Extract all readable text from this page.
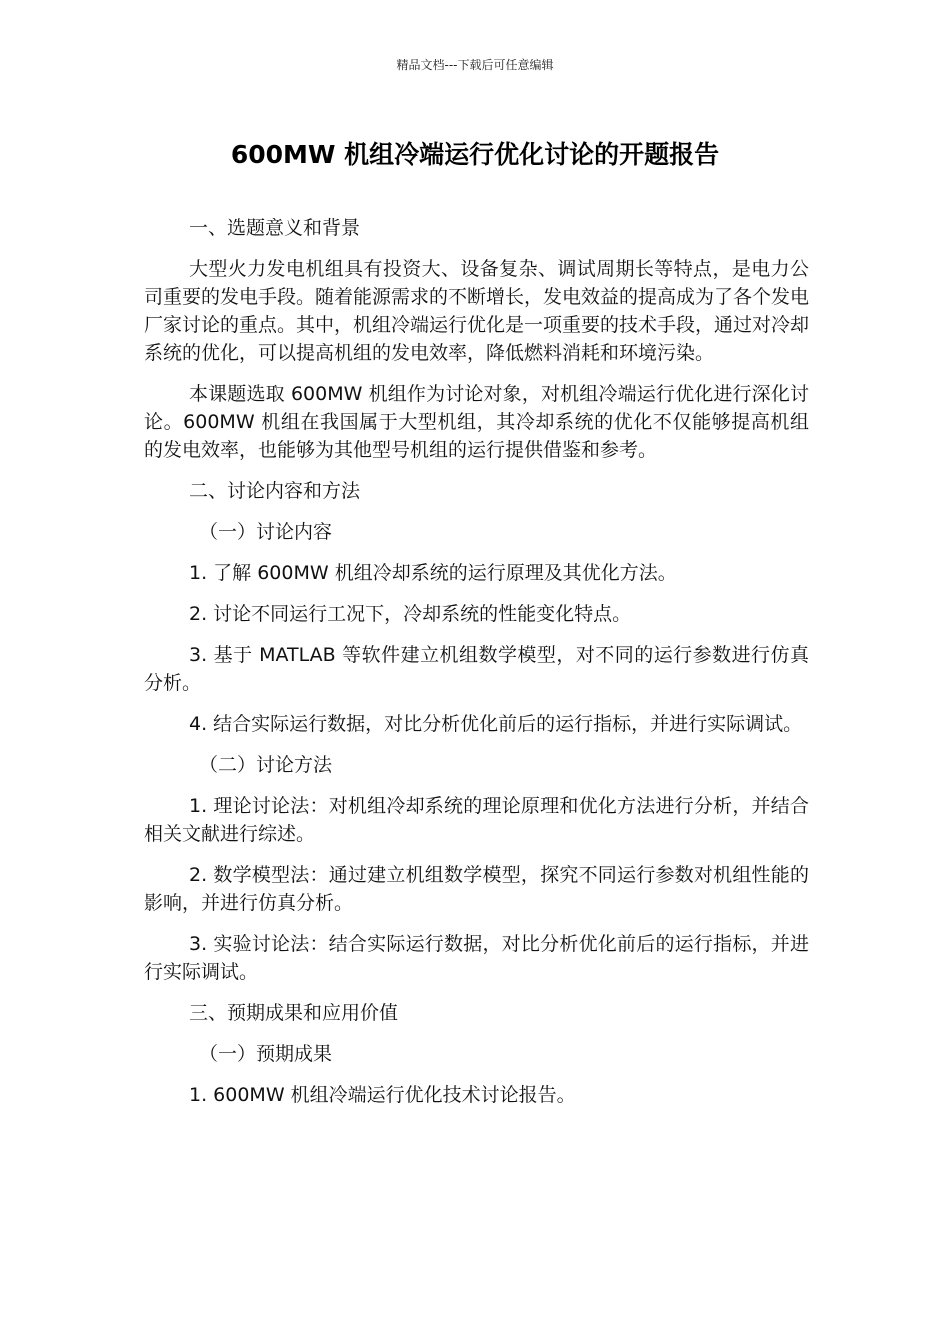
精品文档---下载后可任意编辑
600MW 机组冷端运行优化讨论的开题报告

一、选题意义和背景

大型火力发电机组具有投资大、设备复杂、调试周期长等特点，是电力公司重要的发电手段。随着能源需求的不断增长，发电效益的提高成为了各个发电厂家讨论的重点。其中，机组冷端运行优化是一项重要的技术手段，通过对冷却系统的优化，可以提高机组的发电效率，降低燃料消耗和环境污染。

本课题选取 600MW 机组作为讨论对象，对机组冷端运行优化进行深化讨论。600MW 机组在我国属于大型机组，其冷却系统的优化不仅能够提高机组的发电效率，也能够为其他型号机组的运行提供借鉴和参考。

二、讨论内容和方法

（一）讨论内容

1. 了解 600MW 机组冷却系统的运行原理及其优化方法。

2. 讨论不同运行工况下，冷却系统的性能变化特点。

3. 基于 MATLAB 等软件建立机组数学模型，对不同的运行参数进行仿真分析。

4. 结合实际运行数据，对比分析优化前后的运行指标，并进行实际调试。

（二）讨论方法

1. 理论讨论法：对机组冷却系统的理论原理和优化方法进行分析，并结合相关文献进行综述。

2. 数学模型法：通过建立机组数学模型，探究不同运行参数对机组性能的影响，并进行仿真分析。

3. 实验讨论法：结合实际运行数据，对比分析优化前后的运行指标，并进行实际调试。

三、预期成果和应用价值

（一）预期成果

1. 600MW 机组冷端运行优化技术讨论报告。
